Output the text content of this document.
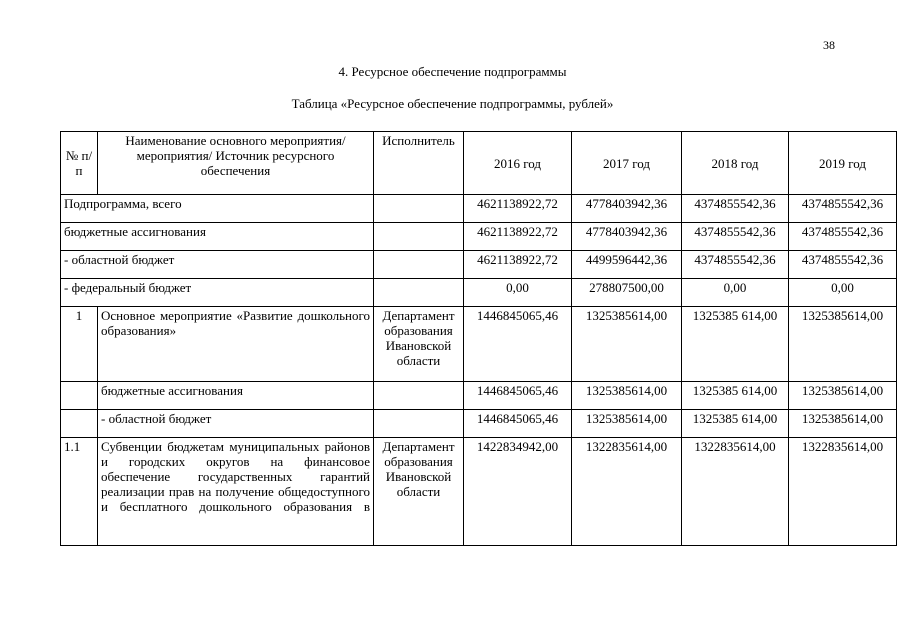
38
4. Ресурсное обеспечение подпрограммы
Таблица «Ресурсное обеспечение подпрограммы, рублей»
№ п/п	Наименование основного мероприятия/мероприятия/ Источник ресурсного обеспечения	Исполнитель	2016 год	2017 год	2018 год	2019 год
Подпрограмма, всего			4621138922,72	4778403942,36	4374855542,36	4374855542,36
бюджетные ассигнования			4621138922,72	4778403942,36	4374855542,36	4374855542,36
- областной бюджет			4621138922,72	4499596442,36	4374855542,36	4374855542,36
- федеральный бюджет			0,00	278807500,00	0,00	0,00
1	Основное мероприятие «Развитие дошкольного образования»	Департамент образования Ивановской области	1446845065,46	1325385614,00	1325385 614,00	1325385614,00
	бюджетные ассигнования		1446845065,46	1325385614,00	1325385 614,00	1325385614,00
	- областной бюджет		1446845065,46	1325385614,00	1325385 614,00	1325385614,00
1.1	Субвенции бюджетам муниципальных районов и городских округов на финансовое обеспечение государственных гарантий реализации прав на получение общедоступного и бесплатного дошкольного образования в	Департамент образования Ивановской области	1422834942,00	1322835614,00	1322835614,00	1322835614,00
